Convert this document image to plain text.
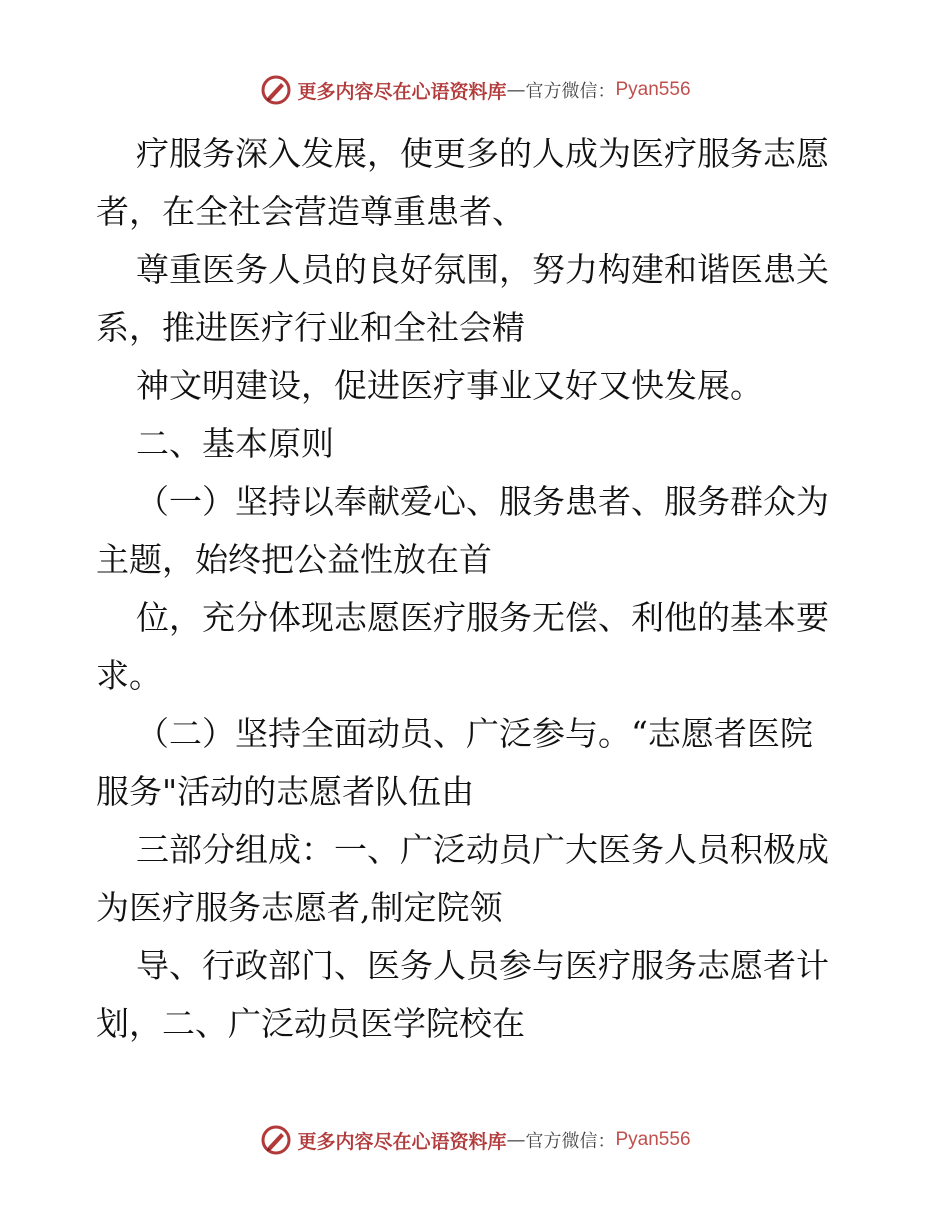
更多内容尽在心语资料库 — 官方微信： Pyan556
疗服务深入发展，使更多的人成为医疗服务志愿
者，在全社会营造尊重患者、
尊重医务人员的良好氛围，努力构建和谐医患关
系，推进医疗行业和全社会精
神文明建设，促进医疗事业又好又快发展。
二、基本原则
（一）坚持以奉献爱心、服务患者、服务群众为
主题，始终把公益性放在首
位，充分体现志愿医疗服务无偿、利他的基本要
求。
（二）坚持全面动员、广泛参与。“志愿者医院
服务"活动的志愿者队伍由
三部分组成：一、广泛动员广大医务人员积极成
为医疗服务志愿者,制定院领
导、行政部门、医务人员参与医疗服务志愿者计
划，二、广泛动员医学院校在
更多内容尽在心语资料库 — 官方微信： Pyan556
